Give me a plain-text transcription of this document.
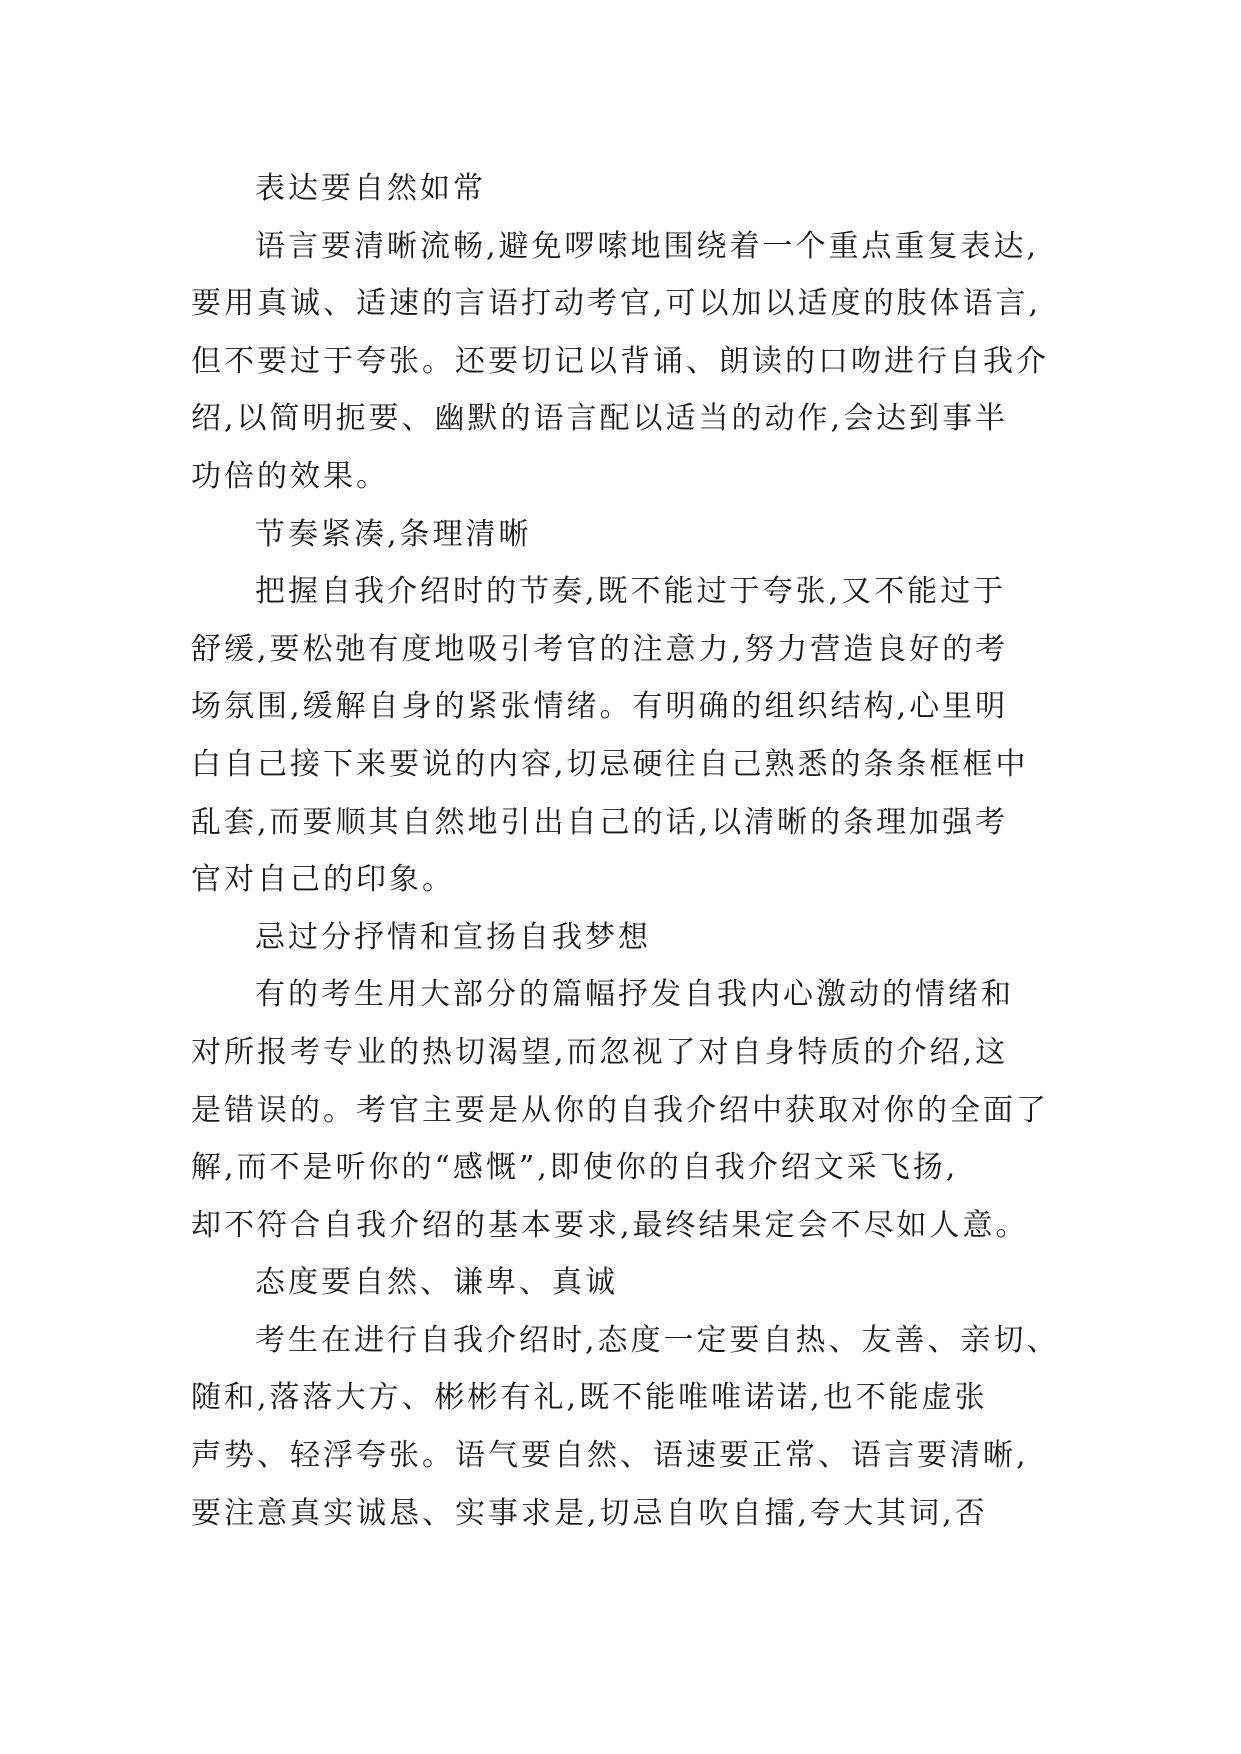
表达要自然如常
语言要清晰流畅,避免啰嗦地围绕着一个重点重复表达,
要用真诚、适速的言语打动考官,可以加以适度的肢体语言,
但不要过于夸张。还要切记以背诵、朗读的口吻进行自我介
绍,以简明扼要、幽默的语言配以适当的动作,会达到事半
功倍的效果。
节奏紧凑,条理清晰
把握自我介绍时的节奏,既不能过于夸张,又不能过于
舒缓,要松弛有度地吸引考官的注意力,努力营造良好的考
场氛围,缓解自身的紧张情绪。有明确的组织结构,心里明
白自己接下来要说的内容,切忌硬往自己熟悉的条条框框中
乱套,而要顺其自然地引出自己的话,以清晰的条理加强考
官对自己的印象。
忌过分抒情和宣扬自我梦想
有的考生用大部分的篇幅抒发自我内心激动的情绪和
对所报考专业的热切渴望,而忽视了对自身特质的介绍,这
是错误的。考官主要是从你的自我介绍中获取对你的全面了
解,而不是听你的“感慨”,即使你的自我介绍文采飞扬,
却不符合自我介绍的基本要求,最终结果定会不尽如人意。
态度要自然、谦卑、真诚
考生在进行自我介绍时,态度一定要自热、友善、亲切、
随和,落落大方、彬彬有礼,既不能唯唯诺诺,也不能虚张
声势、轻浮夸张。语气要自然、语速要正常、语言要清晰,
要注意真实诚恳、实事求是,切忌自吹自擂,夸大其词,否
